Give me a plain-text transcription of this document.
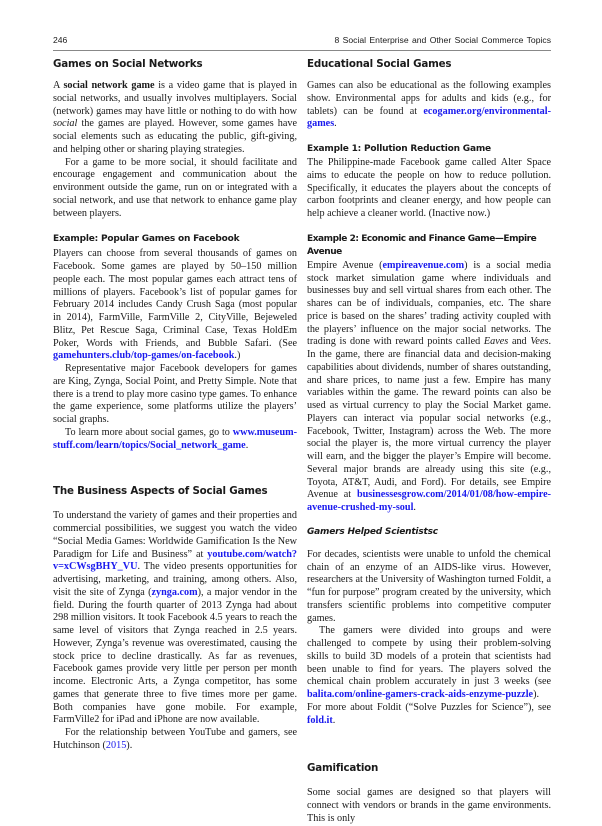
246	8 Social Enterprise and Other Social Commerce Topics
Games on Social Networks

A social network game is a video game that is played in social networks, and usually involves multiplayers. Social (network) games may have little or nothing to do with how social the games are played. However, some games have social elements such as educating the public, gift-giving, and helping other or sharing playing strategies.

For a game to be more social, it should facilitate and encourage engagement and communication about the environment outside the game, run on or integrated with a social network, and use that network to enhance game play between players.

Example: Popular Games on Facebook

Players can choose from several thousands of games on Facebook. Some games are played by 50–150 million people each. The most popular games each attract tens of millions of players. Facebook’s list of popular games for February 2014 includes Candy Crush Saga (most popular in 2014), FarmVille, FarmVille 2, CityVille, Bejeweled Blitz, Pet Rescue Saga, Criminal Case, Texas HoldEm Poker, Words with Friends, and Bubble Safari. (See gamehunters.club/top-games/on-facebook.)

Representative major Facebook developers for games are King, Zynga, Social Point, and Pretty Simple. Note that there is a trend to play more casino type games. To enhance the game experience, some platforms utilize the players’ social graphs.

To learn more about social games, go to www.museum-stuff.com/learn/topics/Social_network_game.

The Business Aspects of Social Games

To understand the variety of games and their properties and commercial possibilities, we suggest you watch the video “Social Media Games: Worldwide Gamification Is the New Paradigm for Life and Business” at youtube.com/watch?v=xCWsgBHY_VU. The video presents opportunities for advertising, marketing, and training, among others. Also, visit the site of Zynga (zynga.com), a major vendor in the field. During the fourth quarter of 2013 Zynga had about 298 million visitors. It took Facebook 4.5 years to reach the same level of visitors that Zynga reached in 2.5 years. However, Zynga’s revenue was overestimated, causing the stock price to decline drastically. As far as revenues, Facebook games provide very little per person per month income. Electronic Arts, a Zynga competitor, has some games that generate three to five times more per game. Both companies have gone mobile. For example, FarmVille2 for iPad and iPhone are now available.

For the relationship between YouTube and gamers, see Hutchinson (2015).

Educational Social Games

Games can also be educational as the following examples show. Environmental apps for adults and kids (e.g., for tablets) can be found at ecogamer.org/environmental-games.

Example 1: Pollution Reduction Game

The Philippine-made Facebook game called Alter Space aims to educate the people on how to reduce pollution. Specifically, it educates the players about the concepts of carbon footprints and cleaner energy, and how people can help achieve a cleaner world. (Inactive now.)

Example 2: Economic and Finance Game—Empire Avenue

Empire Avenue (empireavenue.com) is a social media stock market simulation game where individuals and businesses buy and sell virtual shares from each other. The shares can be of individuals, companies, etc. The share price is based on the shares’ trading activity coupled with the players’ influence on the major social networks. The trading is done with reward points called Eaves and Vees. In the game, there are financial data and decision-making capabilities about dividends, number of shares outstanding, and share prices, to name just a few. Empire has many variables within the game. The reward points can also be used as virtual currency to play the Social Market game. Players can interact via popular social networks (e.g., Facebook, Twitter, Instagram) across the Web. The more social the player is, the more virtual currency the player will earn, and the bigger the player’s Empire will become. Several major brands are already using this site (e.g., Toyota, AT&T, Audi, and Ford). For details, see Empire Avenue at businessesgrow.com/2014/01/08/how-empire-avenue-crushed-my-soul.

Gamers Helped Scientistsc

For decades, scientists were unable to unfold the chemical chain of an enzyme of an AIDS-like virus. However, researchers at the University of Washington turned Foldit, a “fun for purpose” program created by the university, which transfers scientific problems into competitive computer games.

The gamers were divided into groups and were challenged to compete by using their problem-solving skills to build 3D models of a protein that scientists had been unable to find for years. The players solved the chemical chain problem accurately in just 3 weeks (see balita.com/online-gamers-crack-aids-enzyme-puzzle). For more about Foldit (“Solve Puzzles for Science”), see fold.it.

Gamification

Some social games are designed so that players will connect with vendors or brands in the game environments. This is only
